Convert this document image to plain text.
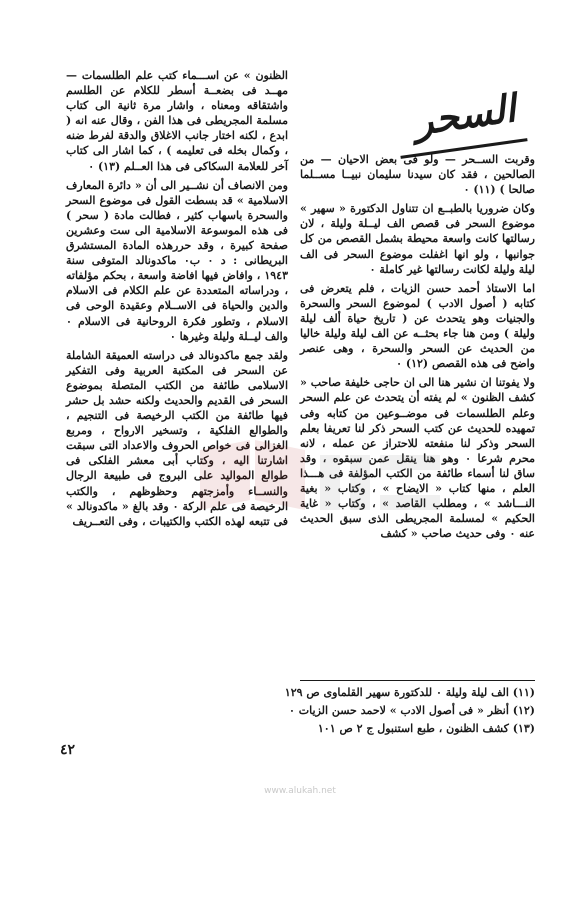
السحر

وقربت الســحر — ولو فى بعض الاحيان — من الصالحين ، فقد كان سيدنا سليمان نبيــا مســلما صالحا ) (١١) ٠

وكان ضروريا بالطبــع ان تتناول الدكتورة « سهير » موضوع السحر فى قصص الف ليــلة وليلة ، لان رسالتها كانت واسعة محيطة بشمل القصص من كل جوانبها ، ولو انها اغفلت موضوع السحر فى الف ليلة وليلة لكانت رسالتها غير كاملة ٠

اما الاستاذ أحمد حسن الزيات ، فلم يتعرض فى كتابه ( أصول الادب ) لموضوع السحر والسحرة والجنيات وهو يتحدث عن ( تاريخ حياة ألف ليلة وليلة ) ومن هنا جاء بحثــه عن الف ليلة وليلة خاليا من الحديث عن السحر والسحرة ، وهى عنصر واضح فى هذه القصص (١٢) ٠

ولا يفوتنا ان نشير هنا الى ان حاجى خليفة صاحب « كشف الظنون » لم يفته أن يتحدث عن علم السحر وعلم الطلسمات فى موضــوعين من كتابه وفى تمهيده للحديث عن كتب السحر ذكر لنا تعريفا بعلم السحر وذكر لنا منفعته للاحتراز عن عمله ، لانه محرم شرعا ٠ وهو هنا ينقل عمن سبقوه ، وقد ساق لنا أسماء طائفة من الكتب المؤلفة فى هـــذا العلم ، منها كتاب « الايضاح » ، وكتاب « بغية النـــاشد » ، ومطلب القاصد » ، وكتاب « غاية الحكيم » لمسلمة المجريطى الذى سبق الحديث عنه ٠ وفى حديث صاحب « كشف

الظنون » عن اســـماء كتب علم الطلسمات — مهــد فى بضعــة أسطر للكلام عن الطلسم واشتقاقه ومعناه ، واشار مرة ثانية الى كتاب مسلمة المجريطى فى هذا الفن ، وقال عنه انه ( ابدع ، لكنه اختار جانب الاغلاق والدقة لفرط ضنه ، وكمال بخله فى تعليمه ) ، كما اشار الى كتاب آخر للعلامة السكاكى فى هذا العــلم (١٣) ٠

ومن الانصاف أن نشــير الى أن « دائرة المعارف الاسلامية » قد بسطت القول فى موضوع السحر والسحرة باسهاب كثير ، فطالت مادة ( سحر ) فى هذه الموسوعة الاسلامية الى ست وعشرين صفحة كبيرة ، وقد حررهذه المادة المستشرق البريطانى : د ٠ ب٠ ماكدونالد المتوفى سنة ١٩٤٣ ، وافاض فيها افاضة واسعة ، بحكم مؤلفاته ، ودراساته المتعددة عن علم الكلام فى الاسلام والدين والحياة فى الاســلام وعقيدة الوحى فى الاسلام ، وتطور فكرة الروحانية فى الاسلام ٠ والف ليــلة وليلة وغيرها ٠

ولقد جمع ماكدونالد فى دراسته العميقة الشاملة عن السحر فى المكتبة العربية وفى التفكير الاسلامى طائفة من الكتب المتصلة بموضوع السحر فى القديم والحديث ولكنه حشد بل حشر فيها طائفة من الكتب الرخيصة فى التنجيم ، والطوالع الفلكية ، وتسخير الارواح ، ومربع الغزالى فى خواص الحروف والاعداد التى سبقت اشارتنا اليه ، وكتاب أبى معشر الفلكى فى طوالع المواليد على البروج فى طبيعة الرجال والنســاء وأمزجتهم وحظوظهم ، والكتب الرخيصة فى علم الركة ٠ وقد بالغ « ماكدونالد » فى تتبعه لهذه الكتب والكتيبات ، وفى التعــريف

www.alukah.net
(١١) الف ليلة وليلة ٠ للدكتورة سهير القلماوى ص ١٢٩
(١٢) أنظر « فى أصول الادب » لاحمد حسن الزيات ٠
(١٣) كشف الظنون ، طبع استنبول ج ٢ ص ١٠١
٤٢
